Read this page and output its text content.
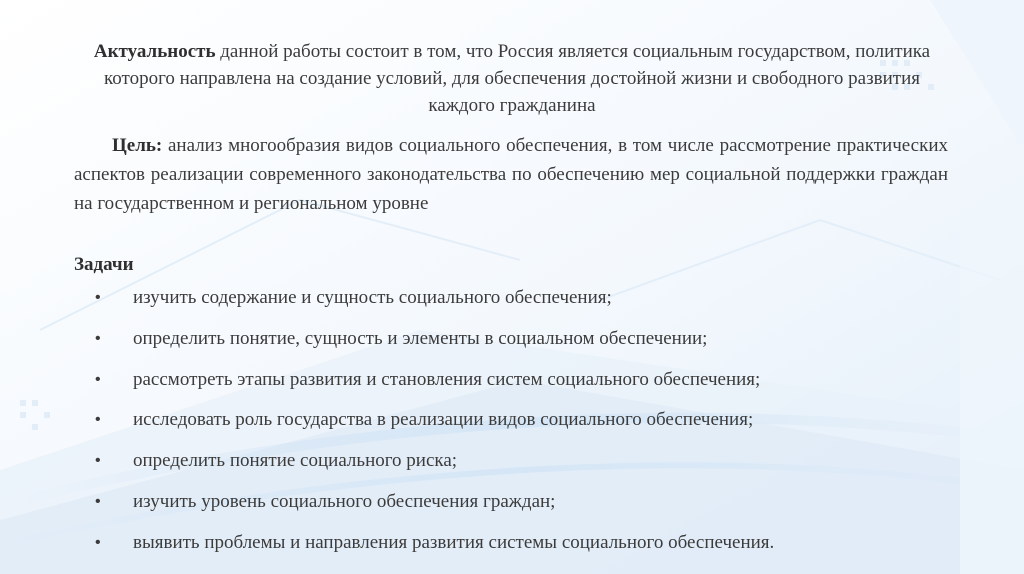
Актуальность данной работы состоит в том, что Россия является социальным государством, политика которого направлена на создание условий, для обеспечения достойной жизни и свободного развития каждого гражданина
Цель: анализ многообразия видов социального обеспечения, в том числе рассмотрение практических аспектов реализации современного законодательства по обеспечению мер социальной поддержки граждан на государственном и региональном уровне
Задачи
• изучить содержание и сущность социального обеспечения;
• определить понятие, сущность и элементы в социальном обеспечении;
• рассмотреть этапы развития и становления систем социального обеспечения;
• исследовать роль государства в реализации видов социального обеспечения;
• определить понятие социального риска;
• изучить уровень социального обеспечения граждан;
• выявить проблемы и направления развития системы социального обеспечения.
